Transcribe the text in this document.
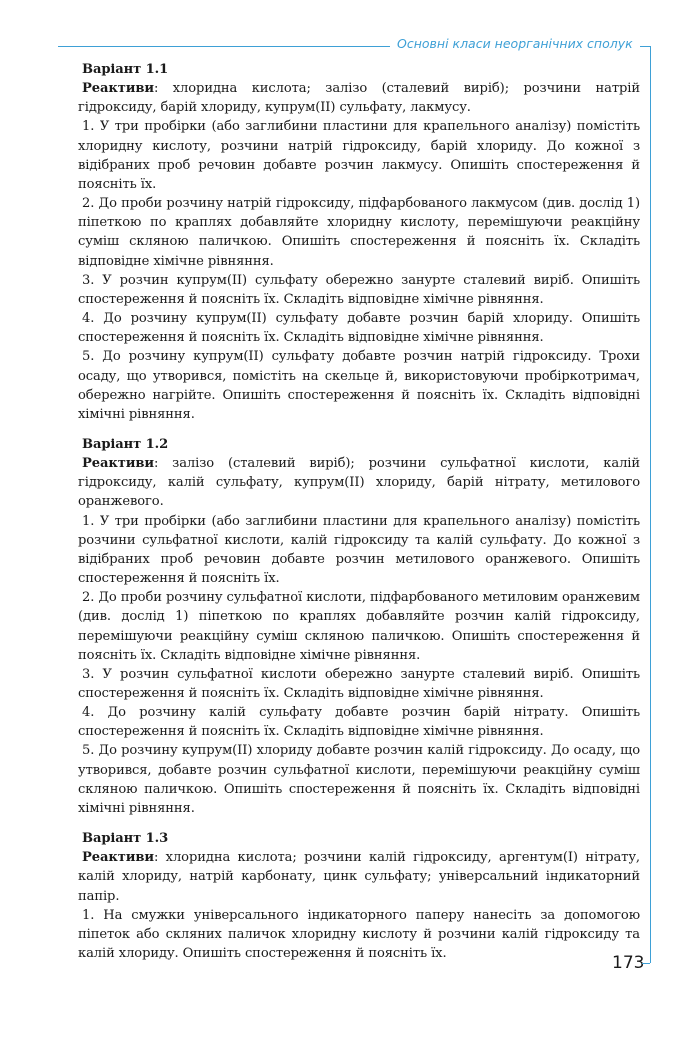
Основні класи неорганічних сполук
Варіант 1.1

Реактиви: хлоридна кислота; залізо (сталевий виріб); розчини натрій гідроксиду, барій хлориду, купрум(ІІ) сульфату, лакмусу.

1. У три пробірки (або заглибини пластини для крапельного аналізу) помістіть хлоридну кислоту, розчини натрій гідроксиду, барій хлориду. До кожної з відібраних проб речовин добавте розчин лакмусу. Опишіть спостереження й поясніть їх.

2. До проби розчину натрій гідроксиду, підфарбованого лакмусом (див. дослід 1) піпеткою по краплях добавляйте хлоридну кислоту, перемішуючи реакційну суміш скляною паличкою. Опишіть спостереження й поясніть їх. Складіть відповідне хімічне рівняння.

3. У розчин купрум(ІІ) сульфату обережно занурте сталевий виріб. Опишіть спостереження й поясніть їх. Складіть відповідне хімічне рівняння.

4. До розчину купрум(ІІ) сульфату добавте розчин барій хлориду. Опишіть спостереження й поясніть їх. Складіть відповідне хімічне рівняння.

5. До розчину купрум(ІІ) сульфату добавте розчин натрій гідроксиду. Трохи осаду, що утворився, помістіть на скельце й, використовуючи пробіркотримач, обережно нагрійте. Опишіть спостереження й поясніть їх. Складіть відповідні хімічні рівняння.

Варіант 1.2

Реактиви: залізо (сталевий виріб); розчини сульфатної кислоти, калій гідроксиду, калій сульфату, купрум(ІІ) хлориду, барій нітрату, метилового оранжевого.

1. У три пробірки (або заглибини пластини для крапельного аналізу) помістіть розчини сульфатної кислоти, калій гідроксиду та калій сульфату. До кожної з відібраних проб речовин добавте розчин метилового оранжевого. Опишіть спостереження й поясніть їх.

2. До проби розчину сульфатної кислоти, підфарбованого метиловим оранжевим (див. дослід 1) піпеткою по краплях добавляйте розчин калій гідроксиду, перемішуючи реакційну суміш скляною паличкою. Опишіть спостереження й поясніть їх. Складіть відповідне хімічне рівняння.

3. У розчин сульфатної кислоти обережно занурте сталевий виріб. Опишіть спостереження й поясніть їх. Складіть відповідне хімічне рівняння.

4. До розчину калій сульфату добавте розчин барій нітрату. Опишіть спостереження й поясніть їх. Складіть відповідне хімічне рівняння.

5. До розчину купрум(ІІ) хлориду добавте розчин калій гідроксиду. До осаду, що утворився, добавте розчин сульфатної кислоти, перемішуючи реакційну суміш скляною паличкою. Опишіть спостереження й поясніть їх. Складіть відповідні хімічні рівняння.

Варіант 1.3

Реактиви: хлоридна кислота; розчини калій гідроксиду, аргентум(І) нітрату, калій хлориду, натрій карбонату, цинк сульфату; універсальний індикаторний папір.

1. На смужки універсального індикаторного паперу нанесіть за допомогою піпеток або скляних паличок хлоридну кислоту й розчини калій гідроксиду та калій хлориду. Опишіть спостереження й поясніть їх.	173
